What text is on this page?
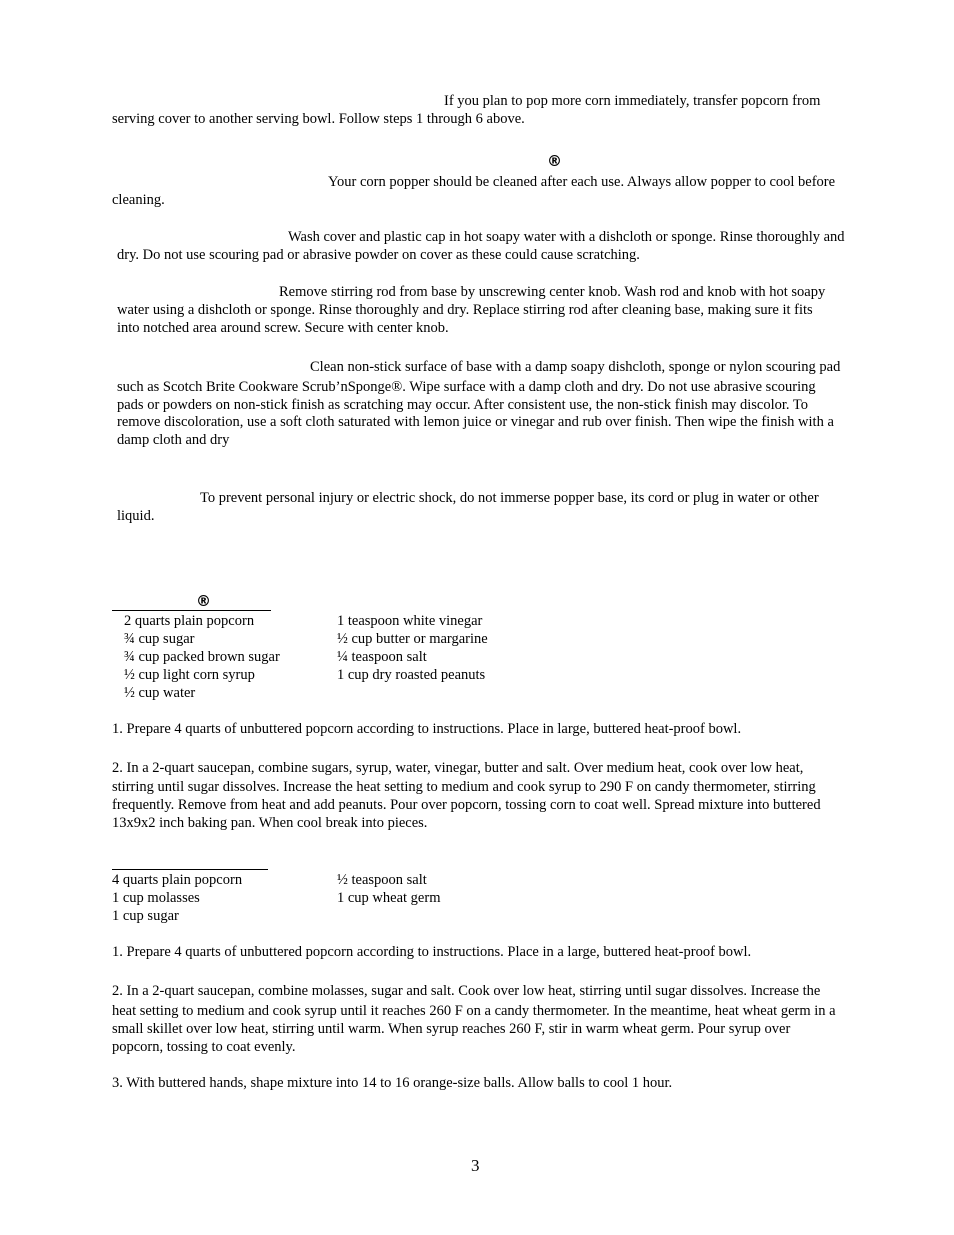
If you plan to pop more corn immediately, transfer popcorn from
serving cover to another serving bowl. Follow steps 1 through 6 above.
®
Your corn popper should be cleaned after each use. Always allow popper to cool before
cleaning.
Wash cover and plastic cap in hot soapy water with a dishcloth or sponge. Rinse thoroughly and
dry. Do not use scouring pad or abrasive powder on cover as these could cause scratching.
Remove stirring rod from base by unscrewing center knob. Wash rod and knob with hot soapy
water using a dishcloth or sponge. Rinse thoroughly and dry. Replace stirring rod after cleaning base, making sure it fits
into notched area around screw. Secure with center knob.
Clean non-stick surface of base with a damp soapy dishcloth, sponge or nylon scouring pad
such as Scotch Brite Cookware Scrub’nSponge®. Wipe surface with a damp cloth and dry. Do not use abrasive scouring
pads or powders on non-stick finish as scratching may occur. After consistent use, the non-stick finish may discolor. To
remove discoloration, use a soft cloth saturated with lemon juice or vinegar and rub over finish. Then wipe the finish with a
damp cloth and dry
To prevent personal injury or electric shock, do not immerse popper base, its cord or plug in water or other
liquid.
®
2 quarts plain popcorn
¾ cup sugar
¾ cup packed brown sugar
½ cup light corn syrup
½ cup water
1 teaspoon white vinegar
½ cup butter or margarine
¼ teaspoon salt
1 cup dry roasted peanuts
1. Prepare 4 quarts of unbuttered popcorn according to instructions. Place in large, buttered heat-proof bowl.
2. In a 2-quart saucepan, combine sugars, syrup, water, vinegar, butter and salt. Over medium heat, cook over low heat,
stirring until sugar dissolves. Increase the heat setting to medium and cook syrup to 290 F on candy thermometer, stirring
frequently. Remove from heat and add peanuts. Pour over popcorn, tossing corn to coat well. Spread mixture into buttered
13x9x2 inch baking pan. When cool break into pieces.
4 quarts plain popcorn
1 cup molasses
1 cup sugar
½ teaspoon salt
1 cup wheat germ
1. Prepare 4 quarts of unbuttered popcorn according to instructions. Place in a large, buttered heat-proof bowl.
2. In a 2-quart saucepan, combine molasses, sugar and salt. Cook over low heat, stirring until sugar dissolves. Increase the
heat setting to medium and cook syrup until it reaches 260 F on a candy thermometer. In the meantime, heat wheat germ in a
small skillet over low heat, stirring until warm. When syrup reaches 260 F, stir in warm wheat germ. Pour syrup over
popcorn, tossing to coat evenly.
3. With buttered hands, shape mixture into 14 to 16 orange-size balls. Allow balls to cool 1 hour.
3
